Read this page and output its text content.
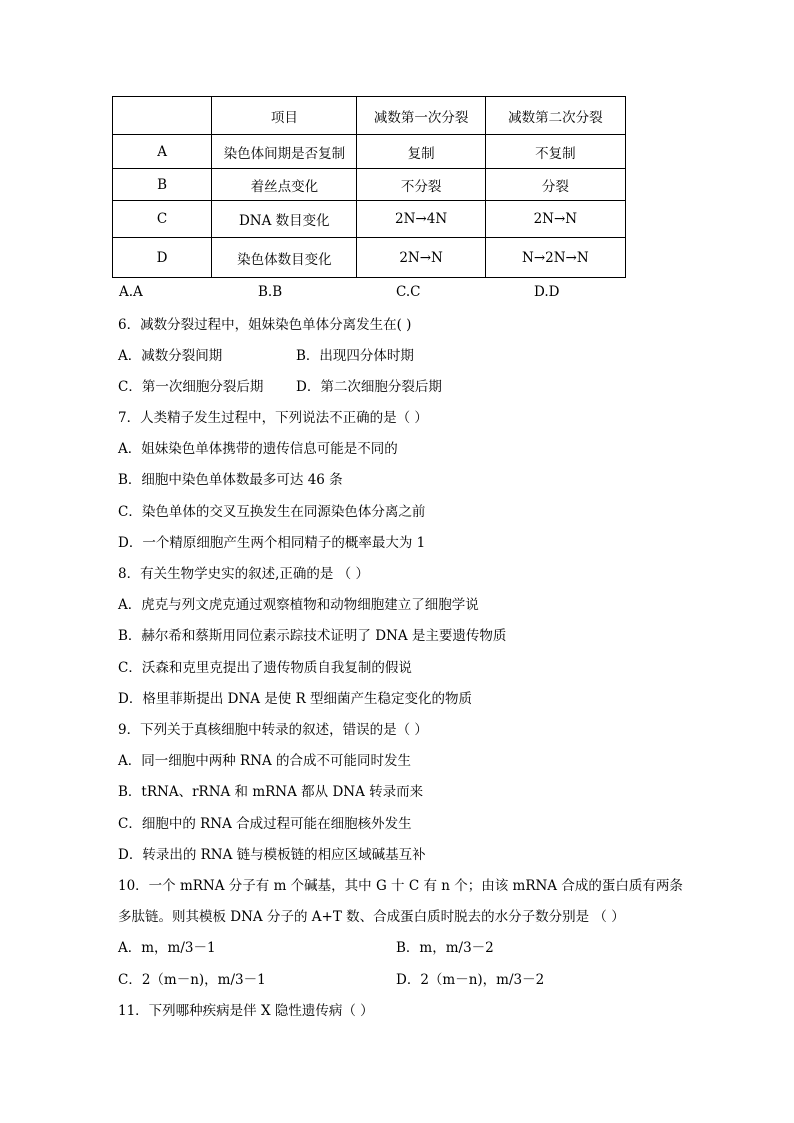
	项目	减数第一次分裂	减数第二次分裂
A	染色体间期是否复制	复制	不复制
B	着丝点变化	不分裂	分裂
C	DNA 数目变化	2N→4N	2N→N
D	染色体数目变化	2N→N	N→2N→N
A.A	B.B	C.C	D.D
6．减数分裂过程中，姐妹染色单体分离发生在( )
A．减数分裂间期	B．出现四分体时期
C．第一次细胞分裂后期 D．第二次细胞分裂后期
7．人类精子发生过程中，下列说法不正确的是（ ）
A．姐妹染色单体携带的遗传信息可能是不同的
B．细胞中染色单体数最多可达 46 条
C．染色单体的交叉互换发生在同源染色体分离之前
D．一个精原细胞产生两个相同精子的概率最大为 1
8．有关生物学史实的叙述,正确的是 （ ）
A．虎克与列文虎克通过观察植物和动物细胞建立了细胞学说
B．赫尔希和蔡斯用同位素示踪技术证明了 DNA 是主要遗传物质
C．沃森和克里克提出了遗传物质自我复制的假说
D．格里菲斯提出 DNA 是使 R 型细菌产生稳定变化的物质
9．下列关于真核细胞中转录的叙述，错误的是（ ）
A．同一细胞中两种 RNA 的合成不可能同时发生
B．tRNA、rRNA 和 mRNA 都从 DNA 转录而来
C．细胞中的 RNA 合成过程可能在细胞核外发生
D．转录出的 RNA 链与模板链的相应区域碱基互补
10．一个 mRNA 分子有 m 个碱基，其中 G 十 C 有 n 个；由该 mRNA 合成的蛋白质有两条
多肽链。则其模板 DNA 分子的 A+T 数、合成蛋白质时脱去的水分子数分别是 （ ）
A．m，m/3－1	B．m，m/3－2
C．2（m－n)，m/3－1	D．2（m－n)，m/3－2
11．下列哪种疾病是伴 X 隐性遗传病（ ）
